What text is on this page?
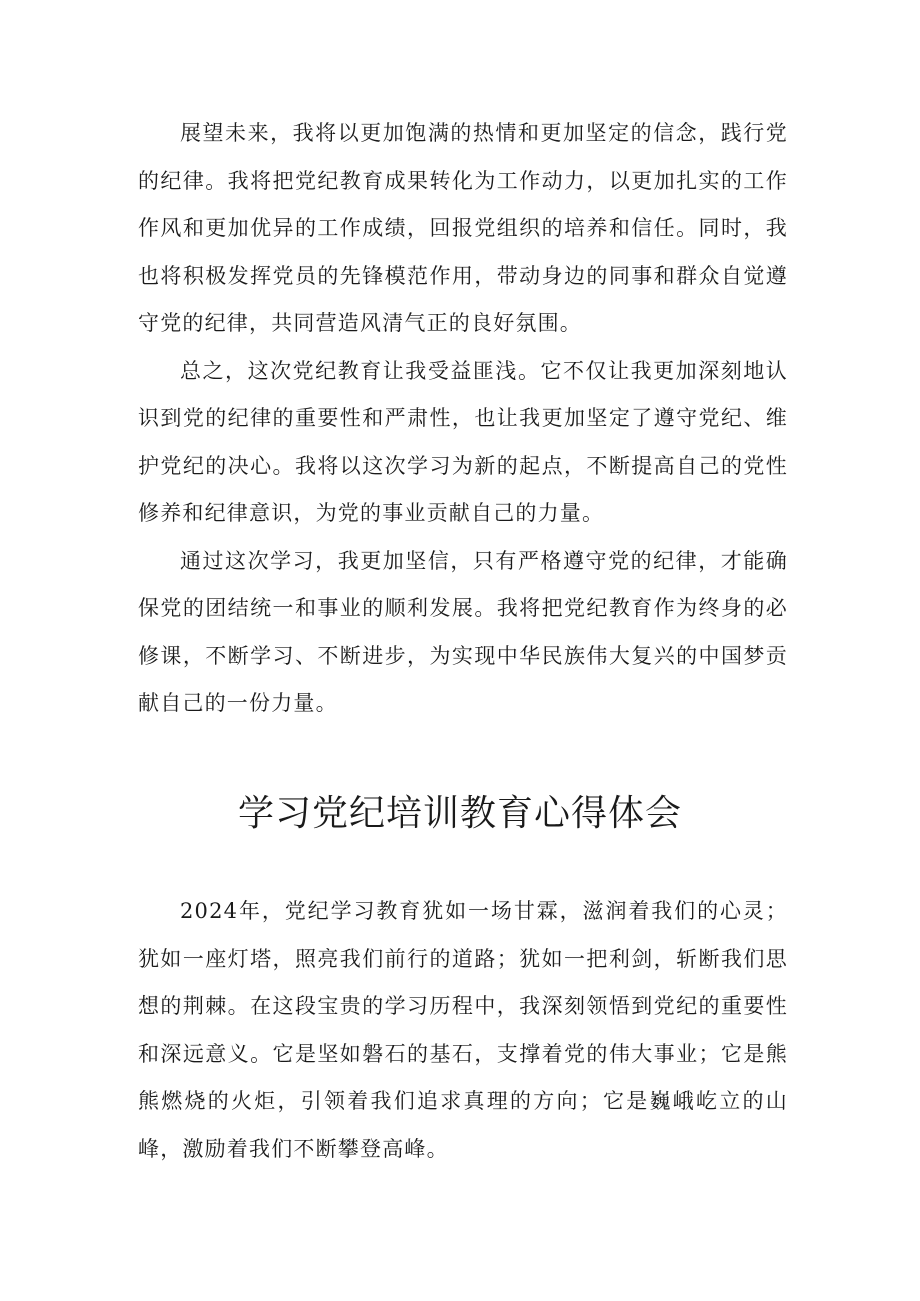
展望未来，我将以更加饱满的热情和更加坚定的信念，践行党的纪律。我将把党纪教育成果转化为工作动力，以更加扎实的工作作风和更加优异的工作成绩，回报党组织的培养和信任。同时，我也将积极发挥党员的先锋模范作用，带动身边的同事和群众自觉遵守党的纪律，共同营造风清气正的良好氛围。

总之，这次党纪教育让我受益匪浅。它不仅让我更加深刻地认识到党的纪律的重要性和严肃性，也让我更加坚定了遵守党纪、维护党纪的决心。我将以这次学习为新的起点，不断提高自己的党性修养和纪律意识，为党的事业贡献自己的力量。

通过这次学习，我更加坚信，只有严格遵守党的纪律，才能确保党的团结统一和事业的顺利发展。我将把党纪教育作为终身的必修课，不断学习、不断进步，为实现中华民族伟大复兴的中国梦贡献自己的一份力量。

学习党纪培训教育心得体会

2024年，党纪学习教育犹如一场甘霖，滋润着我们的心灵；犹如一座灯塔，照亮我们前行的道路；犹如一把利剑，斩断我们思想的荆棘。在这段宝贵的学习历程中，我深刻领悟到党纪的重要性和深远意义。它是坚如磐石的基石，支撑着党的伟大事业；它是熊熊燃烧的火炬，引领着我们追求真理的方向；它是巍峨屹立的山峰，激励着我们不断攀登高峰。
